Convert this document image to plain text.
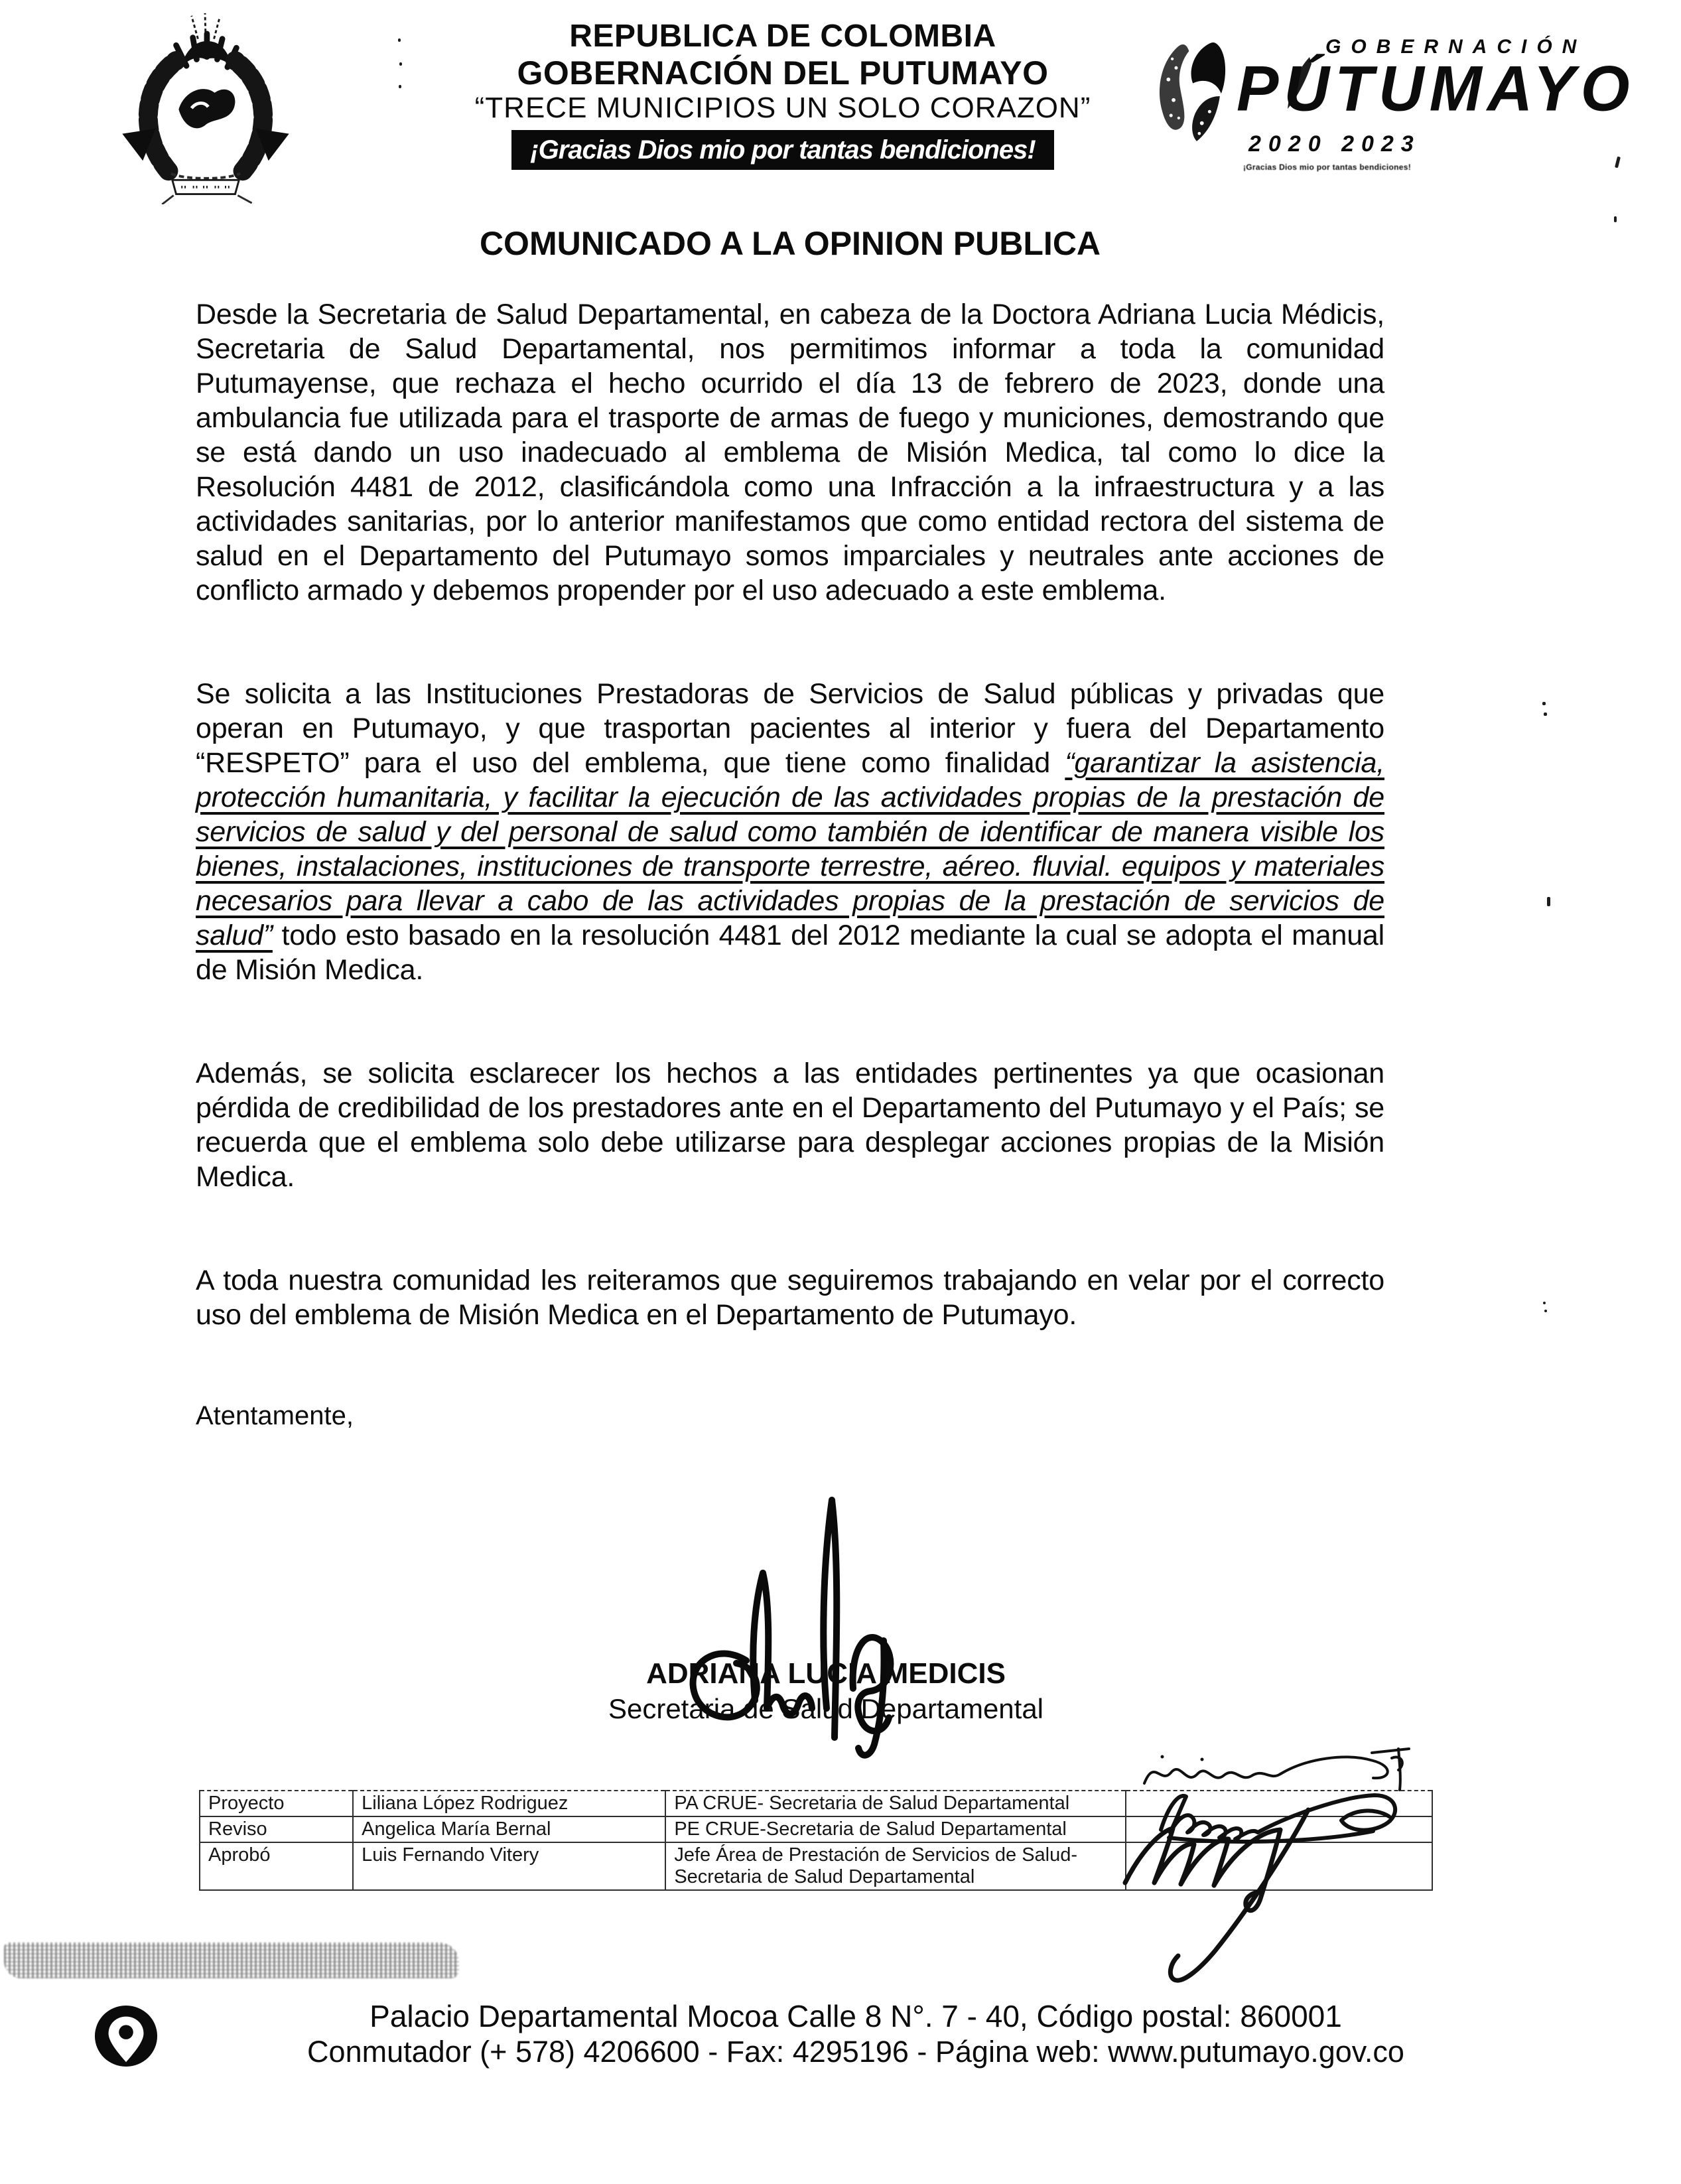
REPUBLICA DE COLOMBIA
GOBERNACIÓN DEL PUTUMAYO
“TRECE MUNICIPIOS UN SOLO CORAZON”
¡Gracias Dios mio por tantas bendiciones!
GOBERNACIÓN
PÚTUMAYO
2020 2023
¡Gracias Dios mio por tantas bendiciones!
COMUNICADO A LA OPINION PUBLICA

Desde la Secretaria de Salud Departamental, en cabeza de la Doctora Adriana Lucia Médicis, Secretaria de Salud Departamental, nos permitimos informar a toda la comunidad Putumayense, que rechaza el hecho ocurrido el día 13 de febrero de 2023, donde una ambulancia fue utilizada para el trasporte de armas de fuego y municiones, demostrando que se está dando un uso inadecuado al emblema de Misión Medica, tal como lo dice la Resolución 4481 de 2012, clasificándola como una Infracción a la infraestructura y a las actividades sanitarias, por lo anterior manifestamos que como entidad rectora del sistema de salud en el Departamento del Putumayo somos imparciales y neutrales ante acciones de conflicto armado y debemos propender por el uso adecuado a este emblema.

Se solicita a las Instituciones Prestadoras de Servicios de Salud públicas y privadas que operan en Putumayo, y que trasportan pacientes al interior y fuera del Departamento “RESPETO” para el uso del emblema, que tiene como finalidad “garantizar la asistencia, protección humanitaria, y facilitar la ejecución de las actividades propias de la prestación de servicios de salud y del personal de salud como también de identificar de manera visible los bienes, instalaciones, instituciones de transporte terrestre, aéreo. fluvial. equipos y materiales necesarios para llevar a cabo de las actividades propias de la prestación de servicios de salud” todo esto basado en la resolución 4481 del 2012 mediante la cual se adopta el manual de Misión Medica.

Además, se solicita esclarecer los hechos a las entidades pertinentes ya que ocasionan pérdida de credibilidad de los prestadores ante en el Departamento del Putumayo y el País; se recuerda que el emblema solo debe utilizarse para desplegar acciones propias de la Misión Medica.

A toda nuestra comunidad les reiteramos que seguiremos trabajando en velar por el correcto uso del emblema de Misión Medica en el Departamento de Putumayo.

Atentamente,

ADRIANA LUCIA MEDICIS
Secretaria de Salud Departamental
Proyecto	Liliana López Rodriguez	PA CRUE- Secretaria de Salud Departamental	
Reviso	Angelica María Bernal	PE CRUE-Secretaria de Salud Departamental	
Aprobó	Luis Fernando Vitery	Jefe Área de Prestación de Servicios de Salud- Secretaria de Salud Departamental	
Palacio Departamental Mocoa Calle 8 N°. 7 - 40, Código postal: 860001
Conmutador (+ 578) 4206600 - Fax: 4295196 - Página web: www.putumayo.gov.co
